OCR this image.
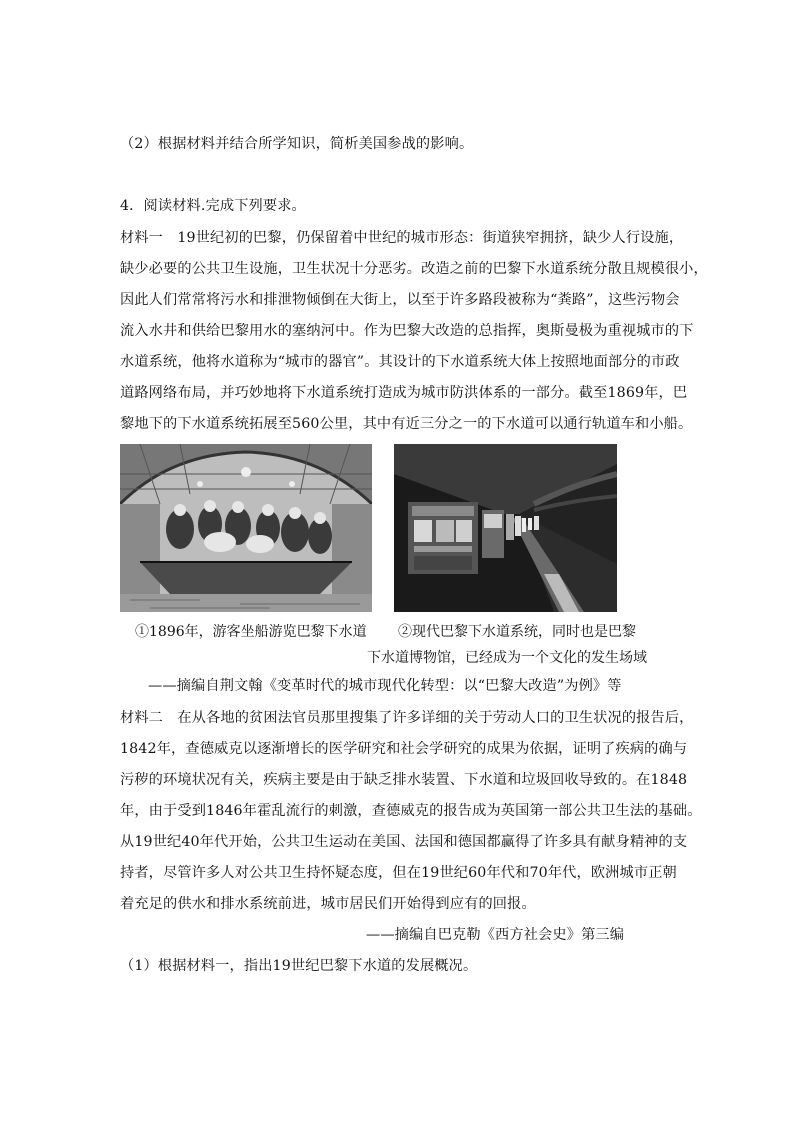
（2）根据材料并结合所学知识，简析美国参战的影响。
4．阅读材料.完成下列要求。
材料一　19世纪初的巴黎，仍保留着中世纪的城市形态：街道狭窄拥挤，缺少人行设施，
缺少必要的公共卫生设施，卫生状况十分恶劣。改造之前的巴黎下水道系统分散且规模很小，
因此人们常常将污水和排泄物倾倒在大街上，以至于许多路段被称为“粪路”，这些污物会
流入水井和供给巴黎用水的塞纳河中。作为巴黎大改造的总指挥，奥斯曼极为重视城市的下
水道系统，他将水道称为“城市的器官”。其设计的下水道系统大体上按照地面部分的市政
道路网络布局，并巧妙地将下水道系统打造成为城市防洪体系的一部分。截至1869年，巴
黎地下的下水道系统拓展至560公里，其中有近三分之一的下水道可以通行轨道车和小船。
①1896年，游客坐船游览巴黎下水道 ②现代巴黎下水道系统，同时也是巴黎
下水道博物馆，已经成为一个文化的发生场域
——摘编自荆文翰《变革时代的城市现代化转型：以“巴黎大改造”为例》等
材料二　在从各地的贫困法官员那里搜集了许多详细的关于劳动人口的卫生状况的报告后，
1842年，查德威克以逐渐增长的医学研究和社会学研究的成果为依据，证明了疾病的确与
污秽的环境状况有关，疾病主要是由于缺乏排水装置、下水道和垃圾回收导致的。在1848
年，由于受到1846年霍乱流行的刺激，查德威克的报告成为英国第一部公共卫生法的基础。
从19世纪40年代开始，公共卫生运动在美国、法国和德国都赢得了许多具有献身精神的支
持者，尽管许多人对公共卫生持怀疑态度，但在19世纪60年代和70年代，欧洲城市正朝
着充足的供水和排水系统前进，城市居民们开始得到应有的回报。
——摘编自巴克勒《西方社会史》第三编
（1）根据材料一，指出19世纪巴黎下水道的发展概况。
